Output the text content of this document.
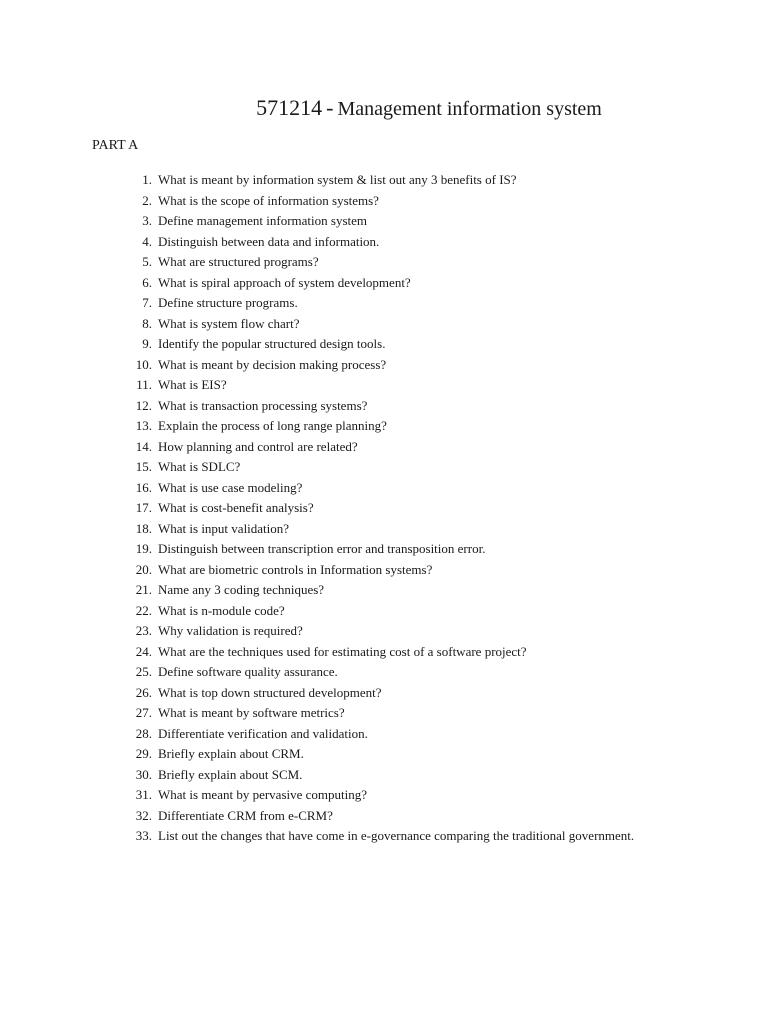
571214 - Management information system
PART A
1. What is meant by information system & list out any 3 benefits of IS?
2. What is the scope of information systems?
3. Define management information system
4. Distinguish between data and information.
5. What are structured programs?
6. What is spiral approach of system development?
7. Define structure programs.
8. What is system flow chart?
9. Identify the popular structured design tools.
10. What is meant by decision making process?
11. What is EIS?
12. What is transaction processing systems?
13. Explain the process of long range planning?
14. How planning and control are related?
15. What is SDLC?
16. What is use case modeling?
17. What is cost-benefit analysis?
18. What is input validation?
19. Distinguish between transcription error and transposition error.
20. What are biometric controls in Information systems?
21. Name any 3 coding techniques?
22. What is n-module code?
23. Why validation is required?
24. What are the techniques used for estimating cost of a software project?
25. Define software quality assurance.
26. What is top down structured development?
27. What is meant by software metrics?
28. Differentiate verification and validation.
29. Briefly explain about CRM.
30. Briefly explain about SCM.
31. What is meant by pervasive computing?
32. Differentiate CRM from e-CRM?
33. List out the changes that have come in e-governance comparing the traditional government.
